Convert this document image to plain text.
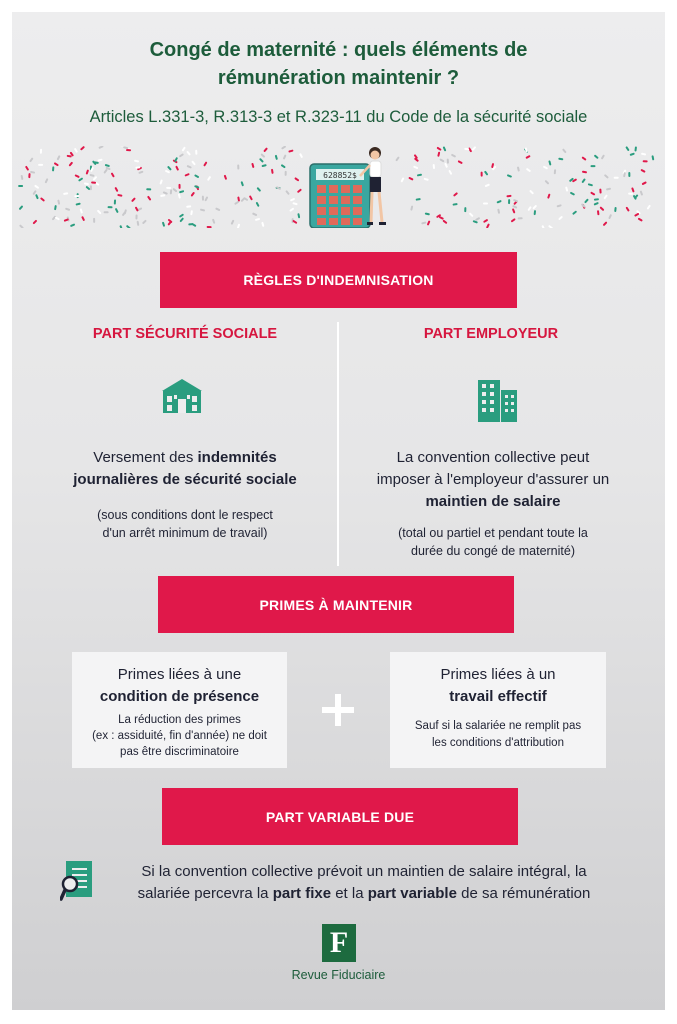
Congé de maternité : quels éléments de
rémunération maintenir ?
Articles L.331-3, R.313-3 et R.323-11 du Code de la sécurité sociale
628852$
RÈGLES D'INDEMNISATION
PART SÉCURITÉ SOCIALE	PART EMPLOYEUR
Versement des indemnités
journalières de sécurité sociale
(sous conditions dont le respect
d'un arrêt minimum de travail)
La convention collective peut
imposer à l'employeur d'assurer un
maintien de salaire
(total ou partiel et pendant toute la
durée du congé de maternité)
PRIMES À MAINTENIR
Primes liées à une
condition de présence
La réduction des primes
(ex : assiduité, fin d'année) ne doit
pas être discriminatoire
Primes liées à un
travail effectif
Sauf si la salariée ne remplit pas
les conditions d'attribution
PART VARIABLE DUE
Si la convention collective prévoit un maintien de salaire intégral, la
salariée percevra la part fixe et la part variable de sa rémunération
F
Revue Fiduciaire
